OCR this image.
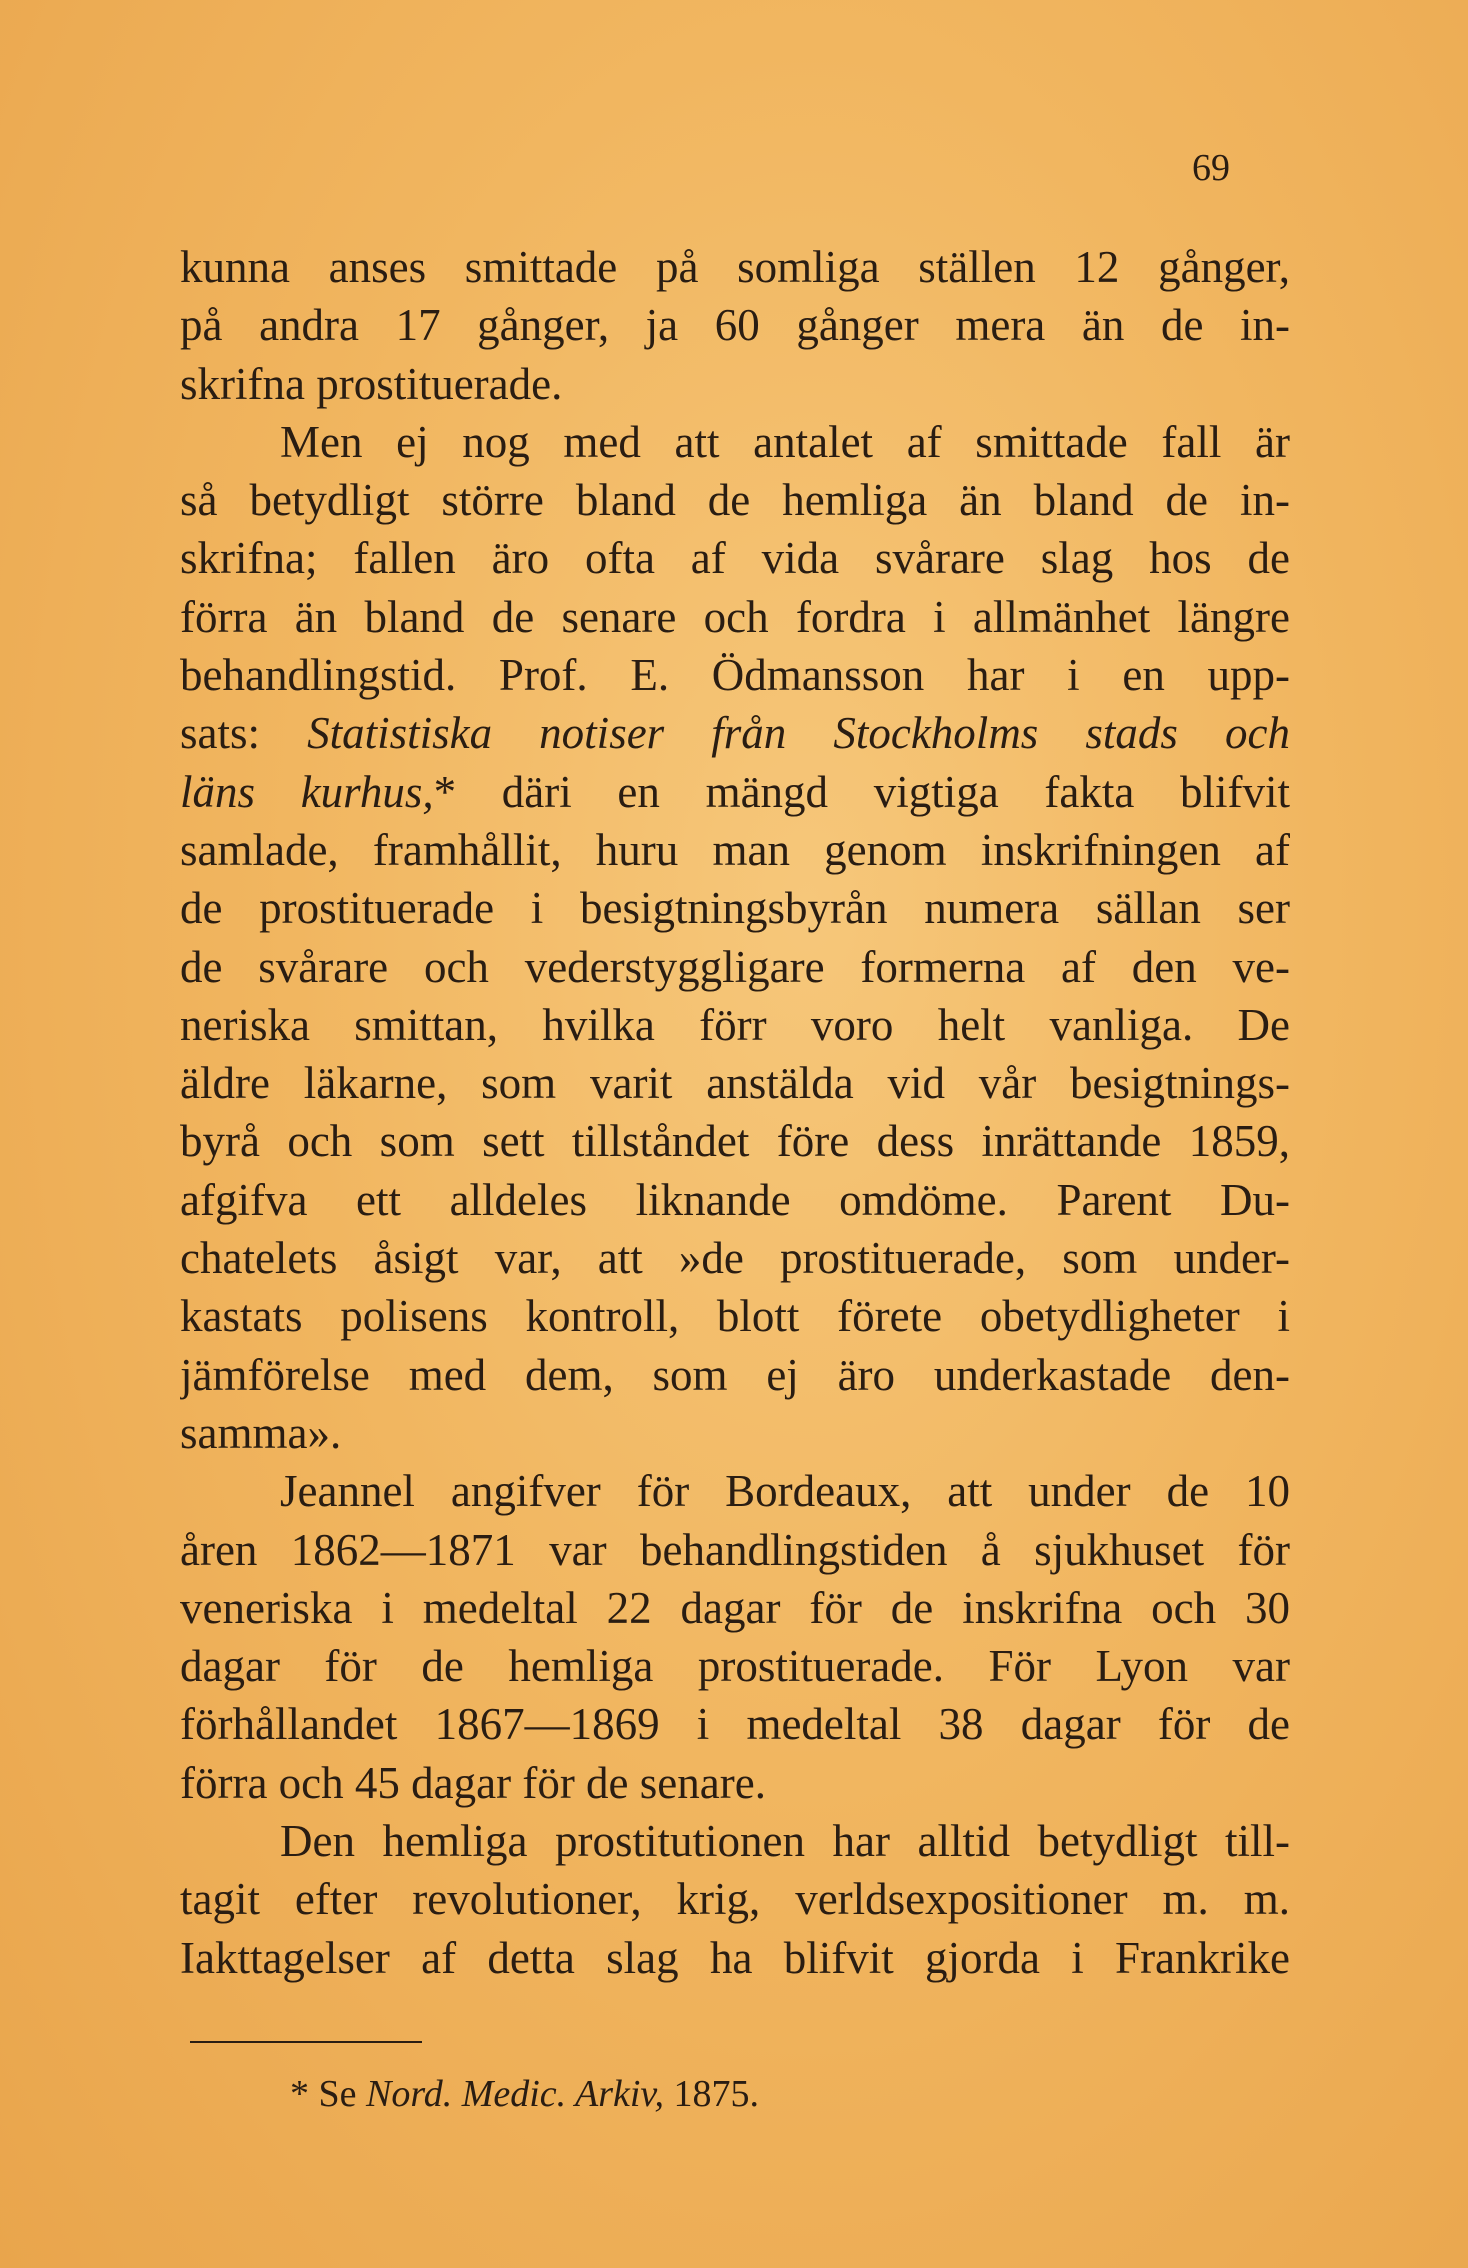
69
kunna anses smittade på somliga ställen 12 gånger,
på andra 17 gånger, ja 60 gånger mera än de in-
skrifna prostituerade.
Men ej nog med att antalet af smittade fall är
så betydligt större bland de hemliga än bland de in-
skrifna; fallen äro ofta af vida svårare slag hos de
förra än bland de senare och fordra i allmänhet längre
behandlingstid. Prof. E. Ödmansson har i en upp-
sats: Statistiska notiser från Stockholms stads och
läns kurhus,* däri en mängd vigtiga fakta blifvit
samlade, framhållit, huru man genom inskrifningen af
de prostituerade i besigtningsbyrån numera sällan ser
de svårare och vederstyggligare formerna af den ve-
neriska smittan, hvilka förr voro helt vanliga. De
äldre läkarne, som varit anstälda vid vår besigtnings-
byrå och som sett tillståndet före dess inrättande 1859,
afgifva ett alldeles liknande omdöme. Parent Du-
chatelets åsigt var, att »de prostituerade, som under-
kastats polisens kontroll, blott förete obetydligheter i
jämförelse med dem, som ej äro underkastade den-
samma».
Jeannel angifver för Bordeaux, att under de 10
åren 1862—1871 var behandlingstiden å sjukhuset för
veneriska i medeltal 22 dagar för de inskrifna och 30
dagar för de hemliga prostituerade. För Lyon var
förhållandet 1867—1869 i medeltal 38 dagar för de
förra och 45 dagar för de senare.
Den hemliga prostitutionen har alltid betydligt till-
tagit efter revolutioner, krig, verldsexpositioner m. m.
Iakttagelser af detta slag ha blifvit gjorda i Frankrike
* Se Nord. Medic. Arkiv, 1875.
